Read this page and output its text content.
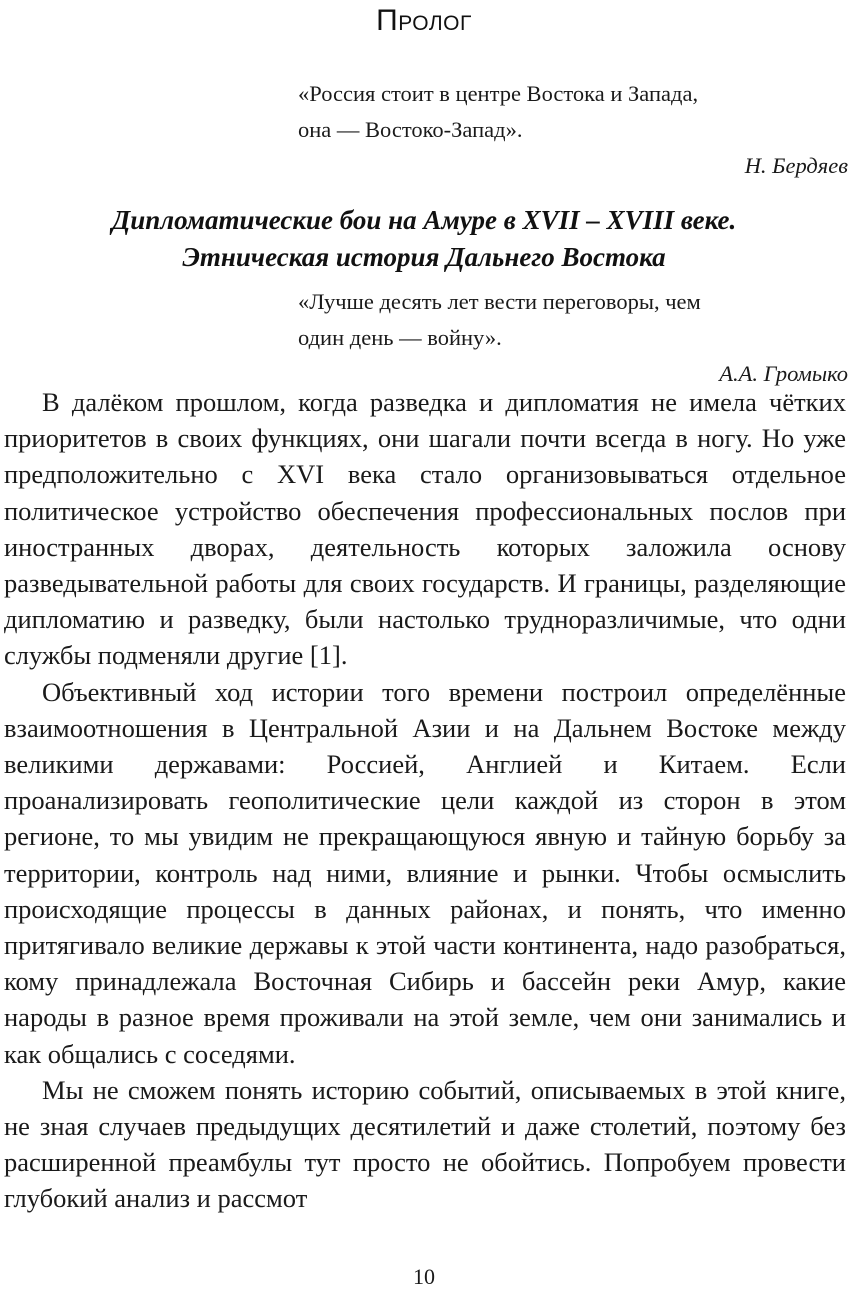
Пролог
«Россия стоит в центре Востока и Запада,
она — Востоко-Запад».
Н. Бердяев
Дипломатические бои на Амуре в XVII – XVIII веке.
Этническая история Дальнего Востока
«Лучше десять лет вести переговоры, чем
один день — войну».
А.А. Громыко

В далёком прошлом, когда разведка и дипломатия не имела чётких приоритетов в своих функциях, они шагали почти всегда в ногу. Но уже предположительно с XVI века стало организовываться отдельное политическое устройство обеспечения профессиональных послов при иностранных дворах, деятельность которых заложила основу разведывательной работы для своих государств. И границы, разделяющие дипломатию и разведку, были настолько трудноразличимые, что одни службы подменяли другие [1].

Объективный ход истории того времени построил определённые взаимоотношения в Центральной Азии и на Дальнем Востоке между великими державами: Россией, Англией и Китаем. Если проанализировать геополитические цели каждой из сторон в этом регионе, то мы увидим не прекращающуюся явную и тайную борьбу за территории, контроль над ними, влияние и рынки. Чтобы осмыслить происходящие процессы в данных районах, и понять, что именно притягивало великие державы к этой части континента, надо разобраться, кому принадлежала Восточная Сибирь и бассейн реки Амур, какие народы в разное время проживали на этой земле, чем они занимались и как общались с соседями.

Мы не сможем понять историю событий, описываемых в этой книге, не зная случаев предыдущих десятилетий и даже столетий, поэтому без расширенной преамбулы тут просто не обойтись. Попробуем провести глубокий анализ и рассмот

10
